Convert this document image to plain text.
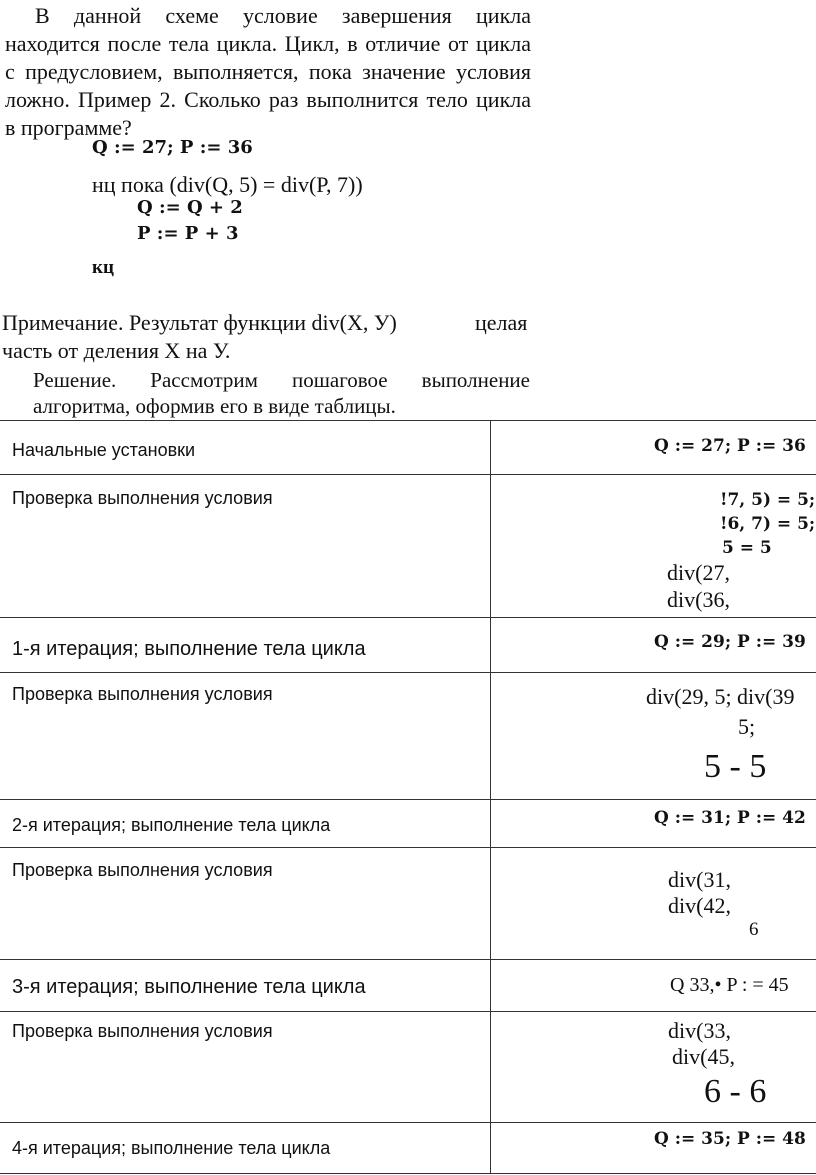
В данной схеме условие завершения цикла
находится после тела цикла. Цикл, в отличие от цикла
с предусловием, выполняется, пока значение условия
ложно. Пример 2. Сколько раз выполнится тело цикла
в программе?
Q := 27; P := 36
нц пока (div(Q, 5) = div(P, 7))
Q := Q + 2
P := P + 3
кц
Примечание. Результат функции div(X, У)	целая
часть от деления X на У.
Решение. Рассмотрим пошаговое выполнение
алгоритма, оформив его в виде таблицы.
Начальные установки	Q := 27; P := 36
Проверка выполнения условия	!7, 5) = 5;
!6, 7) = 5;
5 = 5
div(27,
div(36,
1-я итерация; выполнение тела цикла	Q := 29; P := 39
Проверка выполнения условия	div(29, 5; div(39
5;
5 - 5
2-я итерация; выполнение тела цикла	Q := 31; P := 42
Проверка выполнения условия	div(31,
div(42,
6
3-я итерация; выполнение тела цикла	Q 33,• P : = 45
Проверка выполнения условия	div(33,
div(45,
6 - 6
4-я итерация; выполнение тела цикла	Q := 35; P := 48
